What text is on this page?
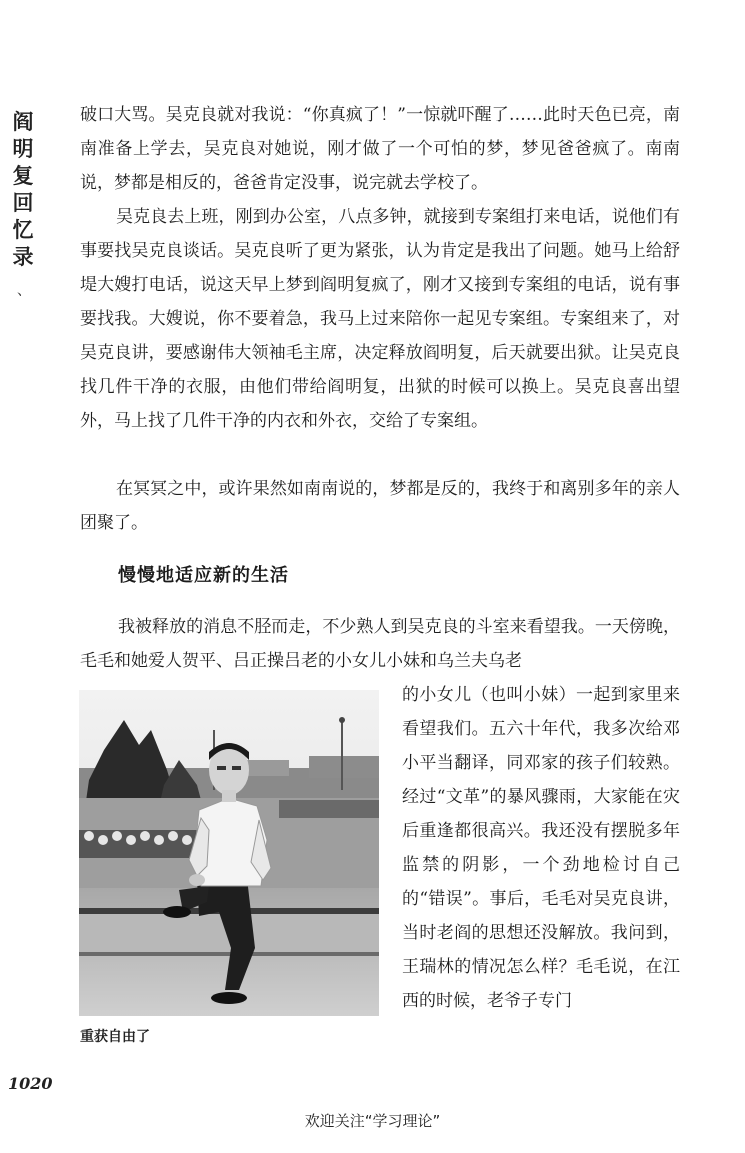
阎
明
复
回
忆
录
、

破口大骂。吴克良就对我说：“你真疯了！”一惊就吓醒了……此时天色已亮，南南准备上学去，吴克良对她说，刚才做了一个可怕的梦，梦见爸爸疯了。南南说，梦都是相反的，爸爸肯定没事，说完就去学校了。

吴克良去上班，刚到办公室，八点多钟，就接到专案组打来电话，说他们有事要找吴克良谈话。吴克良听了更为紧张，认为肯定是我出了问题。她马上给舒堤大嫂打电话，说这天早上梦到阎明复疯了，刚才又接到专案组的电话，说有事要找我。大嫂说，你不要着急，我马上过来陪你一起见专案组。专案组来了，对吴克良讲，要感谢伟大领袖毛主席，决定释放阎明复，后天就要出狱。让吴克良找几件干净的衣服，由他们带给阎明复，出狱的时候可以换上。吴克良喜出望外，马上找了几件干净的内衣和外衣，交给了专案组。

在冥冥之中，或许果然如南南说的，梦都是反的，我终于和离别多年的亲人团聚了。

慢慢地适应新的生活

我被释放的消息不胫而走，不少熟人到吴克良的斗室来看望我。一天傍晚，毛毛和她爱人贺平、吕正操吕老的小女儿小妹和乌兰夫乌老

的小女儿（也叫小妹）一起到家里来看望我们。五六十年代，我多次给邓小平当翻译，同邓家的孩子们较熟。经过“文革”的暴风骤雨，大家能在灾后重逢都很高兴。我还没有摆脱多年监禁的阴影，一个劲地检讨自己的“错误”。事后，毛毛对吴克良讲，当时老阎的思想还没解放。我问到，王瑞林的情况怎么样？毛毛说，在江西的时候，老爷子专门

重获自由了
1020
欢迎关注“学习理论”
